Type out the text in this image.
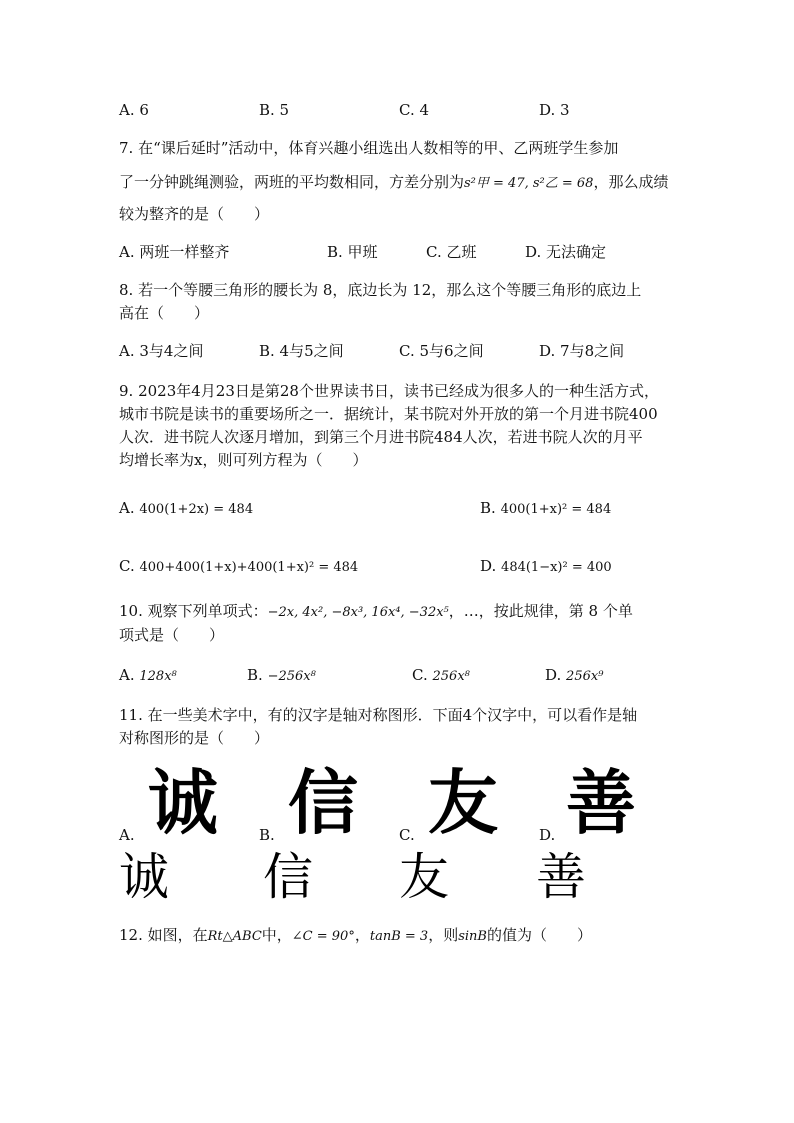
A. 6	B. 5	C. 4	D. 3
7. 在“课后延时”活动中，体育兴趣小组选出人数相等的甲、乙两班学生参加
了一分钟跳绳测验，两班的平均数相同，方差分别为s²甲 = 47, s²乙 = 68，那么成绩
较为整齐的是（　　）
A. 两班一样整齐	B. 甲班	C. 乙班	D. 无法确定
8. 若一个等腰三角形的腰长为 8，底边长为 12，那么这个等腰三角形的底边上
高在（　　）
A. 3与4之间	B. 4与5之间	C. 5与6之间	D. 7与8之间
9. 2023年4月23日是第28个世界读书日，读书已经成为很多人的一种生活方式，
城市书院是读书的重要场所之一．据统计，某书院对外开放的第一个月进书院400
人次．进书院人次逐月增加，到第三个月进书院484人次，若进书院人次的月平
均增长率为x，则可列方程为（　　）
A. 400(1+2x) = 484	B. 400(1+x)² = 484
C. 400+400(1+x)+400(1+x)² = 484	D. 484(1−x)² = 400
10. 观察下列单项式：−2x, 4x², −8x³, 16x⁴, −32x⁵，…，按此规律，第 8 个单
项式是（　　）
A. 128x⁸	B. −256x⁸	C. 256x⁸	D. 256x⁹
11. 在一些美术字中，有的汉字是轴对称图形．下面4个汉字中，可以看作是轴
对称图形的是（　　）
诚 信 友 善
A.	B.	C.	D.
诚 信 友 善
12. 如图，在Rt△ABC中，∠C = 90°，tanB = 3，则sinB的值为（　　）
